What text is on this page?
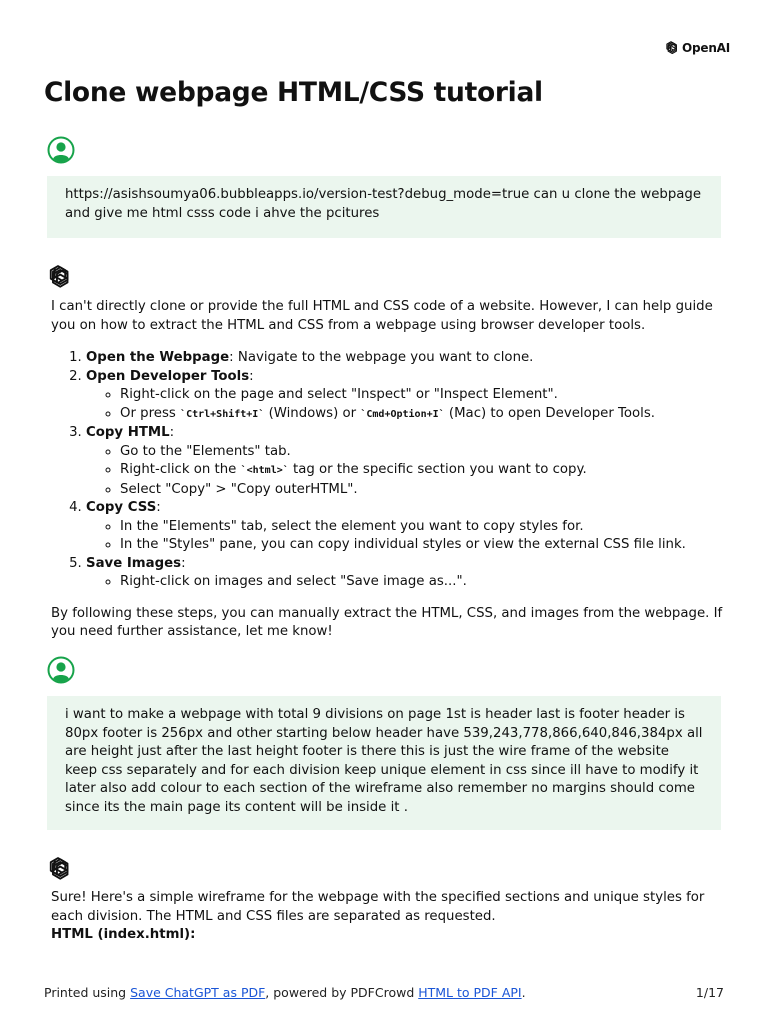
OpenAI
Clone webpage HTML/CSS tutorial

https://asishsoumya06.bubbleapps.io/version-test?debug_mode=true can u clone the webpage and give me html csss code i ahve the pcitures

I can't directly clone or provide the full HTML and CSS code of a website. However, I can help guide you on how to extract the HTML and CSS from a webpage using browser developer tools.

1. Open the Webpage: Navigate to the webpage you want to clone.
2. Open Developer Tools:
◦ Right-click on the page and select "Inspect" or "Inspect Element".
◦ Or press `Ctrl+Shift+I` (Windows) or `Cmd+Option+I` (Mac) to open Developer Tools.
3. Copy HTML:
◦ Go to the "Elements" tab.
◦ Right-click on the `<html>` tag or the specific section you want to copy.
◦ Select "Copy" > "Copy outerHTML".
4. Copy CSS:
◦ In the "Elements" tab, select the element you want to copy styles for.
◦ In the "Styles" pane, you can copy individual styles or view the external CSS file link.
5. Save Images:
◦ Right-click on images and select "Save image as...".

By following these steps, you can manually extract the HTML, CSS, and images from the webpage. If you need further assistance, let me know!

i want to make a webpage with total 9 divisions on page 1st is header last is footer header is 80px footer is 256px and other starting below header have 539,243,778,866,640,846,384px all are height just after the last height footer is there this is just the wire frame of the website keep css separately and for each division keep unique element in css since ill have to modify it later also add colour to each section of the wireframe also remember no margins should come since its the main page its content will be inside it .

Sure! Here's a simple wireframe for the webpage with the specified sections and unique styles for each division. The HTML and CSS files are separated as requested.

HTML (index.html):

Printed using Save ChatGPT as PDF, powered by PDFCrowd HTML to PDF API.	1/17
